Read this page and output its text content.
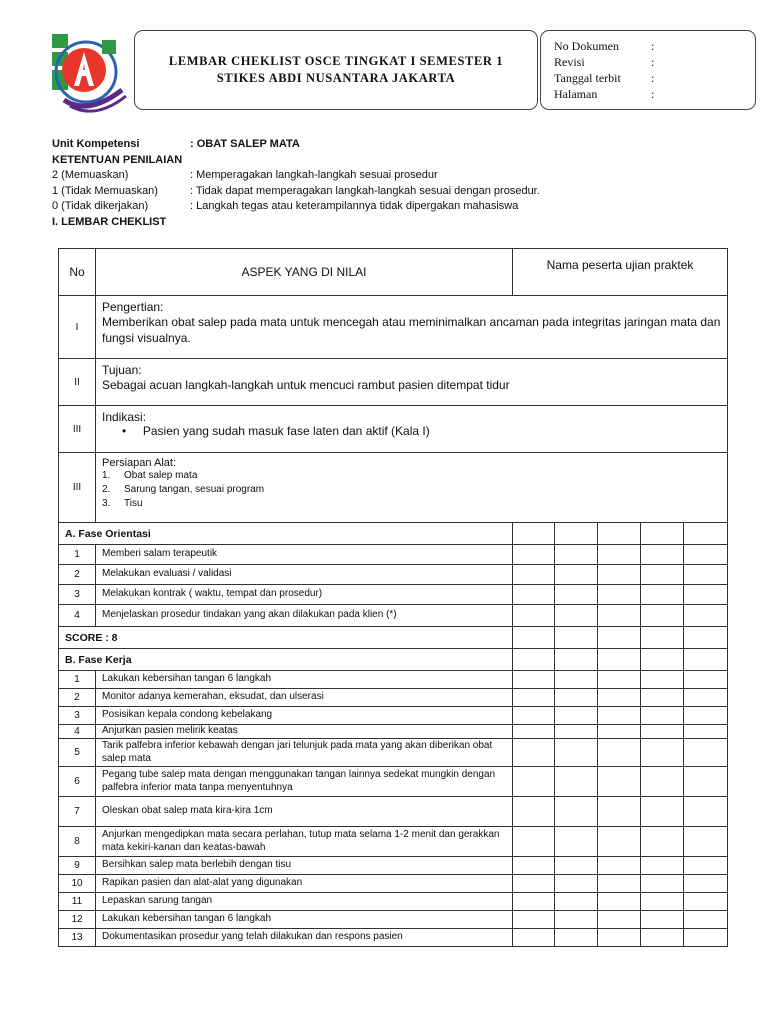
LEMBAR CHEKLIST OSCE TINGKAT I SEMESTER 1
STIKES ABDI NUSANTARA JAKARTA
No Dokumen	:
Revisi	:
Tanggal terbit	:
Halaman	:
Unit Kompetensi	: OBAT SALEP MATA
KETENTUAN PENILAIAN
2 (Memuaskan)	: Memperagakan langkah-langkah sesuai prosedur
1 (Tidak Memuaskan)	: Tidak dapat memperagakan langkah-langkah sesuai dengan prosedur.
0 (Tidak dikerjakan)	: Langkah tegas atau keterampilannya tidak dipergakan mahasiswa
I. LEMBAR CHEKLIST
No	ASPEK YANG DI NILAI	Nama peserta ujian praktek				
I	Pengertian:
Memberikan obat salep pada mata untuk mencegah atau meminimalkan ancaman pada integritas jaringan mata dan fungsi visualnya.					

II	Tujuan:
Sebagai acuan langkah-langkah untuk mencuci rambut pasien ditempat tidur					

III	Indikasi:
•     Pasien yang sudah masuk fase laten dan aktif (Kala I)					

III	Persiapan Alat:
1. Obat salep mata
2. Sarung tangan, sesuai program
3. Tisu					

A. Fase Orientasi						
1	Memberi salam terapeutik					
2	Melakukan evaluasi / validasi					
3	Melakukan kontrak ( waktu, tempat dan prosedur)					
4	Menjelaskan prosedur tindakan yang akan dilakukan pada klien (*)					
SCORE : 8						
B. Fase Kerja						
1	Lakukan kebersihan tangan 6 langkah					
2	Monitor adanya kemerahan, eksudat, dan ulserasi					
3	Posisikan kepala condong kebelakang					
4	Anjurkan pasien melirik keatas					
5	Tarik palfebra inferior kebawah dengan jari telunjuk pada mata yang akan diberikan obat salep mata					
6	Pegang tube salep mata dengan menggunakan tangan lainnya sedekat mungkin dengan palfebra inferior mata tanpa menyentuhnya					
7	Oleskan obat salep mata kira-kira 1cm					
8	Anjurkan mengedipkan mata secara perlahan, tutup mata selama 1-2 menit dan gerakkan mata kekiri-kanan dan keatas-bawah					
9	Bersihkan salep mata berlebih dengan tisu					
10	Rapikan pasien dan alat-alat yang digunakan					
11	Lepaskan sarung tangan					
12	Lakukan kebersihan tangan 6 langkah					
13	Dokumentasikan prosedur yang telah dilakukan dan respons pasien					
